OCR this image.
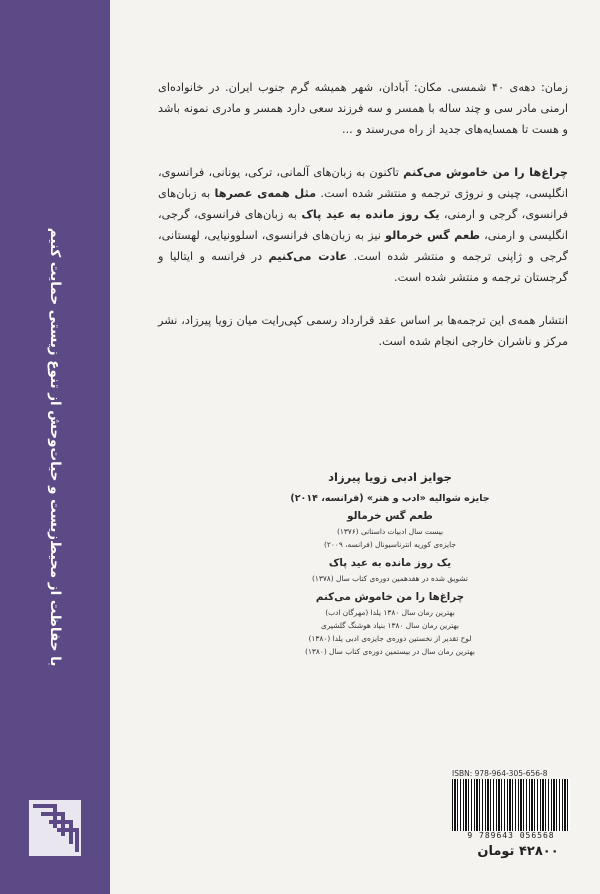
با حفاظت از محیط‌زیست و حیات‌وحش از تنوع زیستی حمایت کنیم

زمان: دهه‌ی ۴۰ شمسی. مکان: آبادان، شهر همیشه گرم جنوب ایران. در خانواده‌ای ارمنی مادر سی و چند ساله با همسر و سه فرزند سعی دارد همسر و مادری نمونه باشد و هست تا همسایه‌های جدید از راه می‌رسند و ...

چراغ‌ها را من خاموش می‌کنم تاکنون به زبان‌های آلمانی، ترکی، یونانی، فرانسوی، انگلیسی، چینی و نروژی ترجمه و منتشر شده است. مثل همه‌ی عصرها به زبان‌های فرانسوی، گرجی و ارمنی، یک روز مانده به عید پاک به زبان‌های فرانسوی، گرجی، انگلیسی و ارمنی، طعم گس خرمالو نیز به زبان‌های فرانسوی، اسلوونیایی، لهستانی، گرجی و ژاپنی ترجمه و منتشر شده است. عادت می‌کنیم در فرانسه و ایتالیا و گرجستان ترجمه و منتشر شده است.

انتشار همه‌ی این ترجمه‌ها بر اساس عقد قرارداد رسمی کپی‌رایت میان زویا پیرزاد، نشر مرکز و ناشران خارجی انجام شده است.

جوایز ادبی زویا پیرزاد
جایزه شوالیه «ادب و هنر» (فرانسه، ۲۰۱۴)
طعم گس خرمالو
بیست سال ادبیات داستانی (۱۳۷۶)
جایزه‌ی کوریه انترناسیونال (فرانسه، ۲۰۰۹)
یک روز مانده به عید پاک
تشویق شده در هفدهمین دوره‌ی کتاب سال (۱۳۷۸)
چراغ‌ها را من خاموش می‌کنم
بهترین رمان سال ۱۳۸۰ یلدا (مهرگان ادب)
بهترین رمان سال ۱۳۸۰ بنیاد هوشنگ گلشیری
لوح تقدیر از نخستین دوره‌ی جایزه‌ی ادبی یلدا (۱۳۸۰)
بهترین رمان سال در بیستمین دوره‌ی کتاب سال (۱۳۸۰)
ISBN: 978-964-305-656-8
9 789643 056568
۴۲۸۰۰ تومان
